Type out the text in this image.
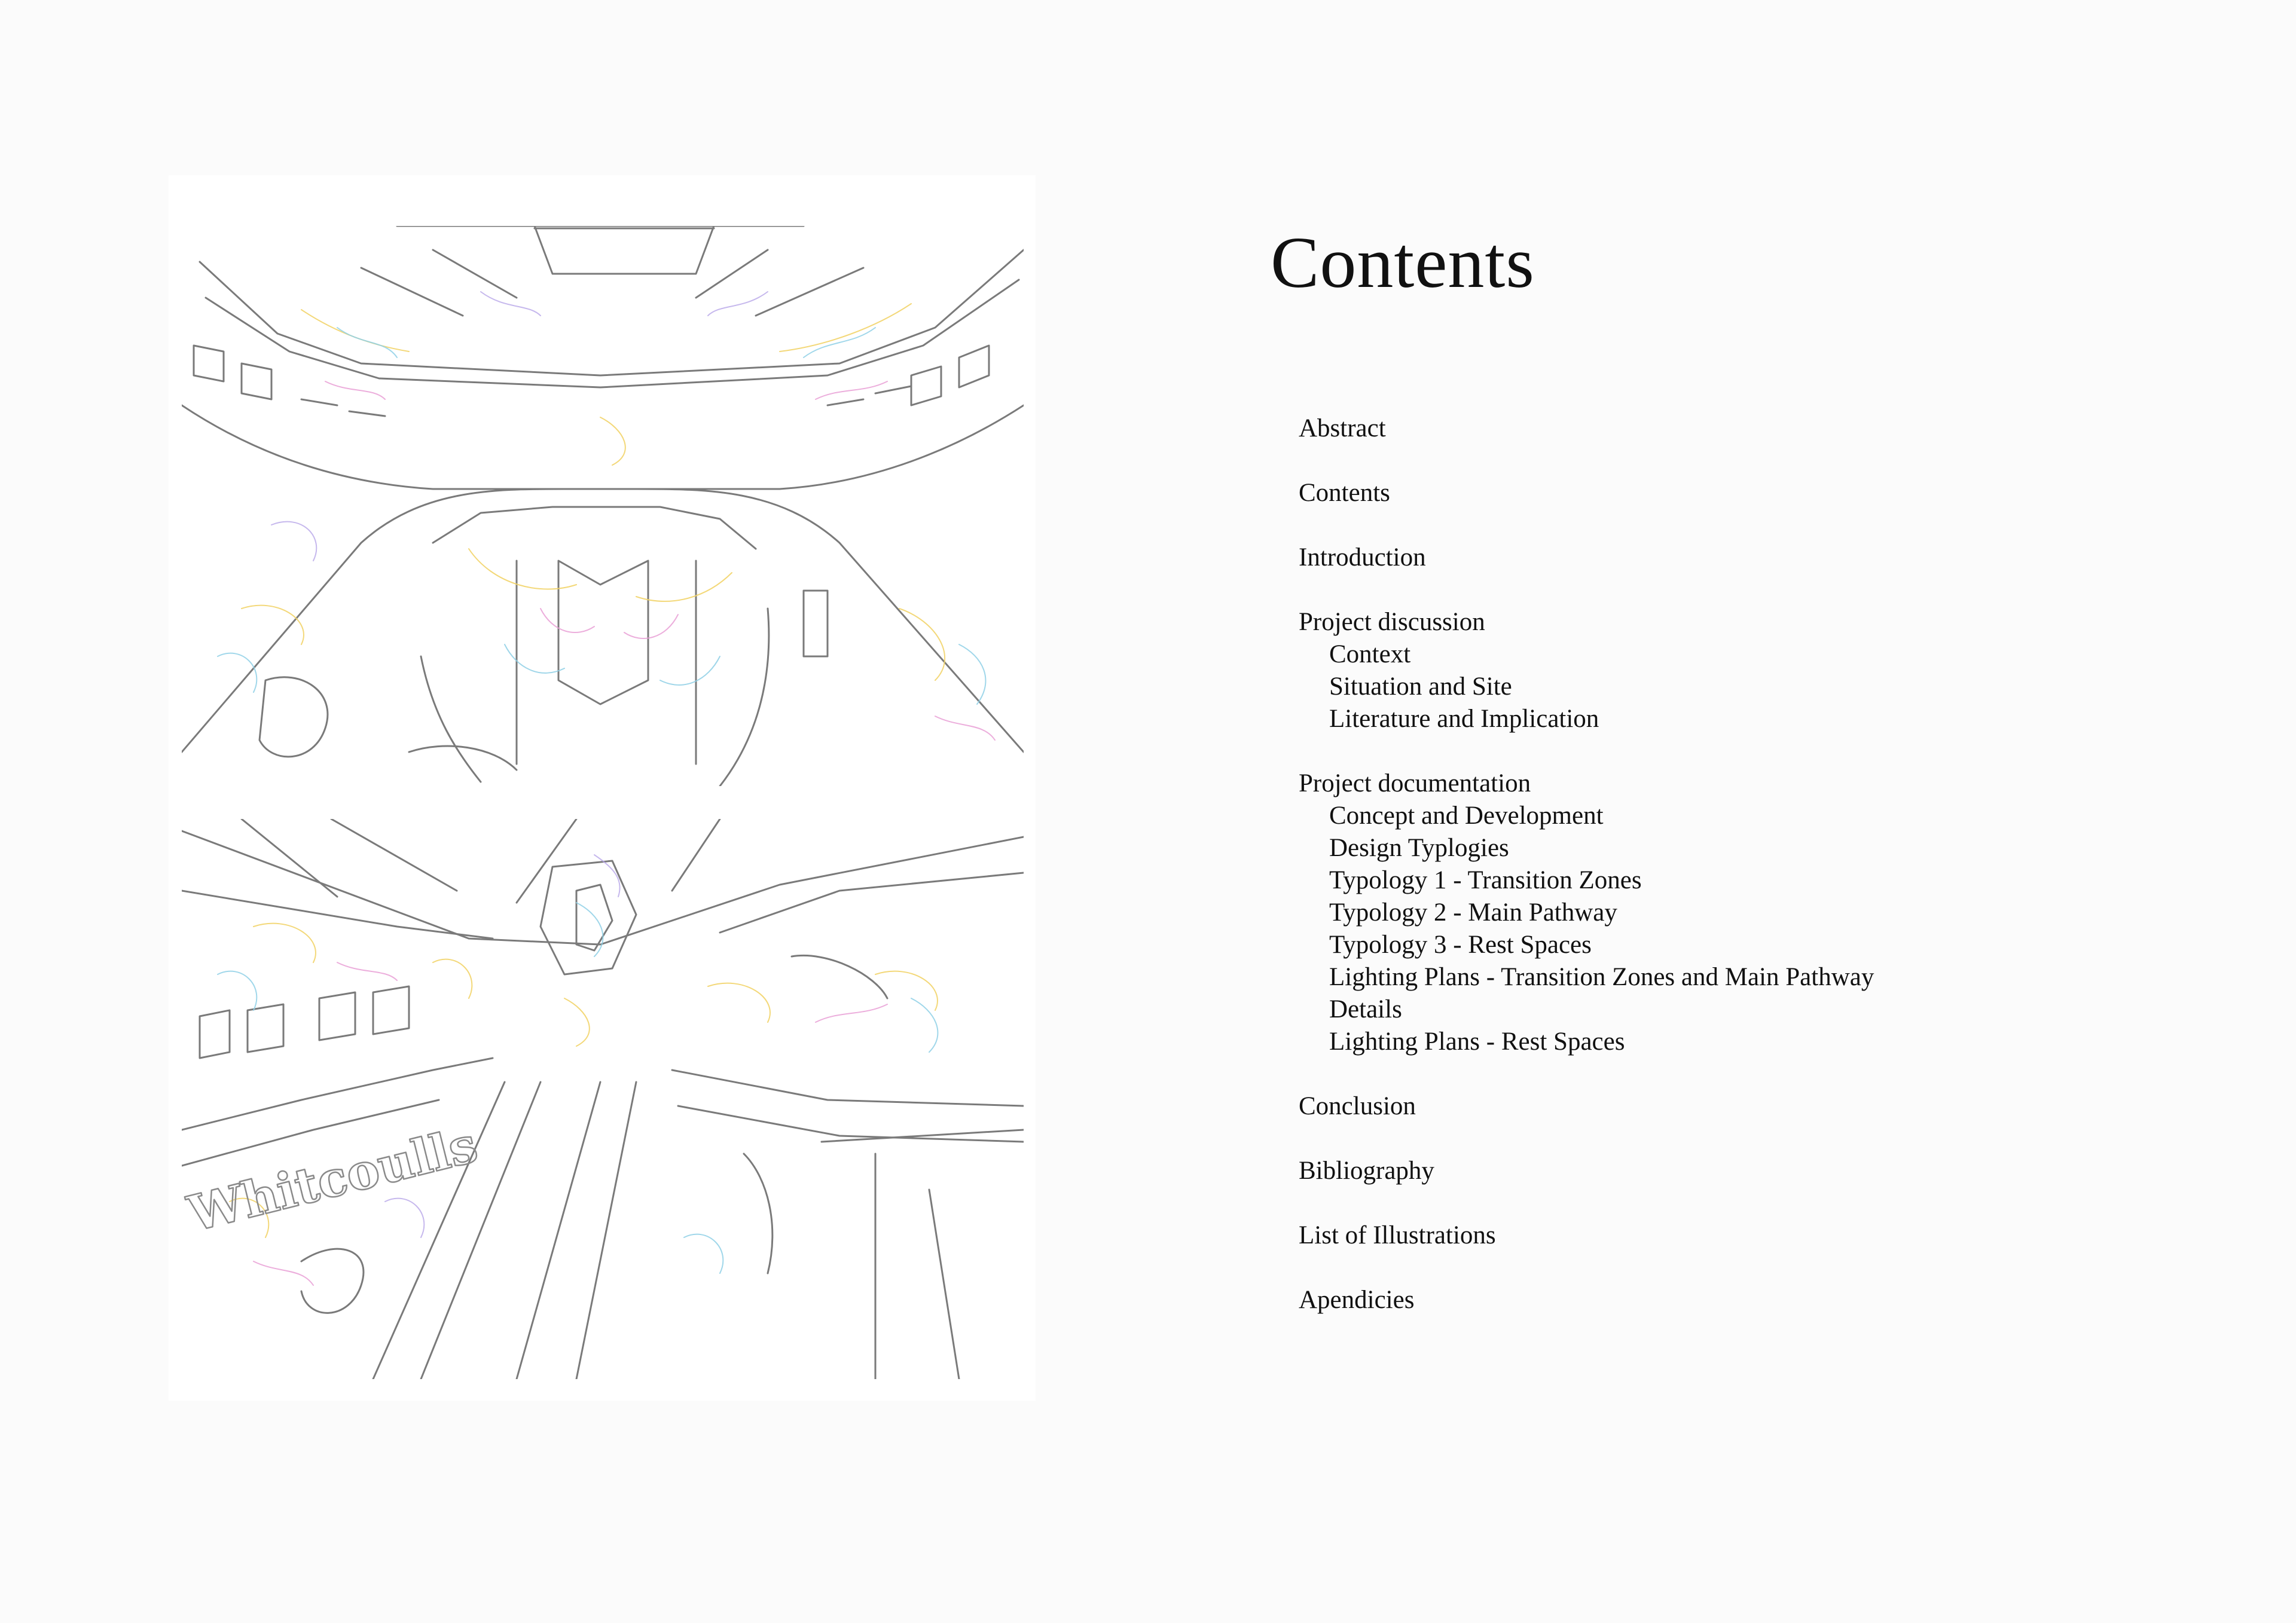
Whitcoulls
Contents
Abstract
Contents
Introduction
Project discussion
Context
Situation and Site
Literature and Implication
Project documentation
Concept and Development
Design Typlogies
Typology 1 - Transition Zones
Typology 2 - Main Pathway
Typology 3 - Rest Spaces
Lighting Plans - Transition Zones and Main Pathway
Details
Lighting Plans - Rest Spaces
Conclusion
Bibliography
List of Illustrations
Apendicies
